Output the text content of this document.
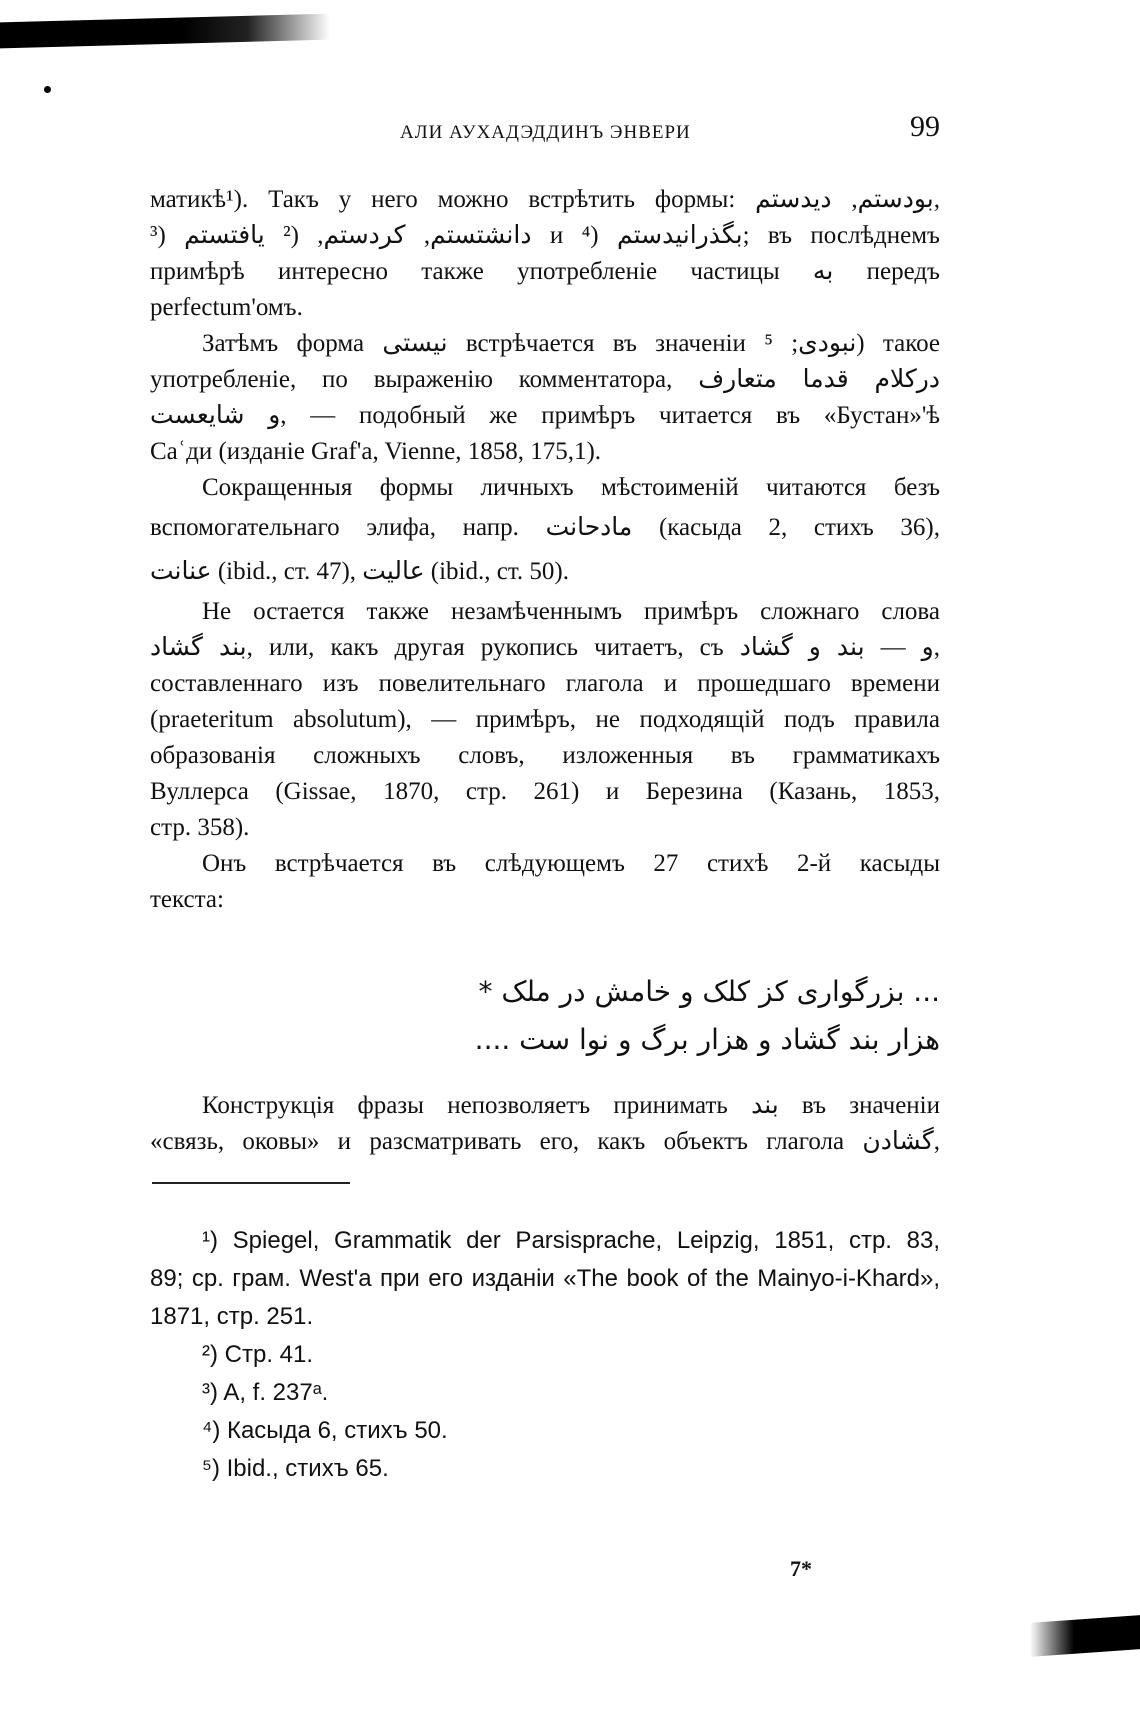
АЛИ АУХАДЭДДИНЪ ЭНВЕРИ	99

матикѣ¹). Такъ у него можно встрѣтить формы: بودستم, دیدستم,

دانشتستم, کردستم, (² یافتستم (³ и بگذرانیدستم (⁴; въ послѣднемъ

примѣрѣ интересно также употребленіе частицы به передъ

perfectum'омъ.

Затѣмъ форма نیستی встрѣчается въ значеніи نبودی; ⁵) такое

употребленіе, по выраженію комментатора, درکلام قدما متعارف

و شایعست, — подобный же примѣръ читается въ «Бустан»'ѣ

Саʿди (изданіе Graf'a, Vienne, 1858, 175,1).

Сокращенныя формы личныхъ мѣстоименій читаются безъ

вспомогательнаго элифа, напр. مادحانت (касыда 2, стихъ 36),

عنانت (ibid., ст. 47), عالیت (ibid., ст. 50).

Не остается также незамѣченнымъ примѣръ сложнаго слова

بند گشاد, или, какъ другая рукопись читаетъ, съ و — بند و گشاد,

составленнаго изъ повелительнаго глагола и прошедшаго времени

(praeteritum absolutum), — примѣръ, не подходящій подъ правила

образованія сложныхъ словъ, изложенныя въ грамматикахъ

Вуллерса (Gissae, 1870, стр. 261) и Березина (Казань, 1853,

стр. 358).

Онъ встрѣчается въ слѣдующемъ 27 стихѣ 2-й касыды

текста:

... بزرگواری کز کلک و خامش در ملک *

هزار بند گشاد و هزار برگ و نوا ست ....

Конструкція фразы непозволяетъ принимать بند въ значеніи

«связь, оковы» и разсматривать его, какъ объектъ глагола گشادن,

¹) Spiegel, Grammatik der Parsisprache, Leipzig, 1851, стр. 83,

89; ср. грам. West'a при его изданіи «The book of the Mainyo-i-Khard»,

1871, стр. 251.

²) Стр. 41.

³) A, f. 237ᵃ.

⁴) Касыда 6, стихъ 50.

⁵) Ibid., стихъ 65.

7*
